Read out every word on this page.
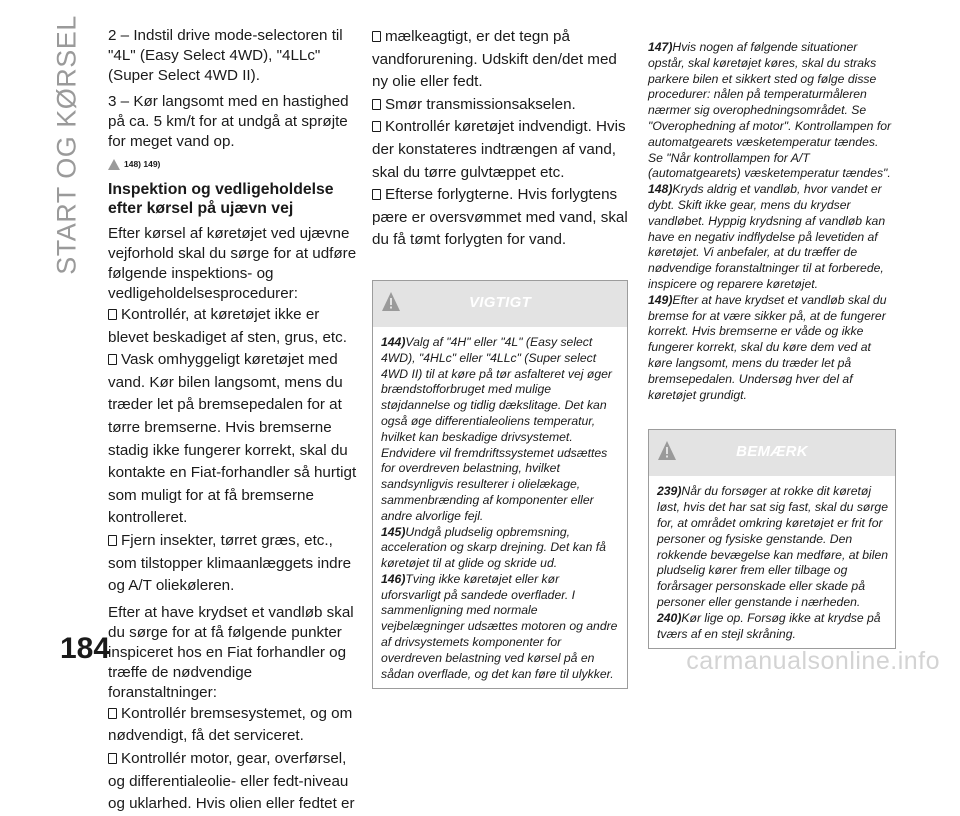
START OG KØRSEL 2 – Indstil drive mode-selectoren til "4L" (Easy Select 4WD), "4LLc" (Super Select 4WD II).

3 – Kør langsomt med en hastighed på ca. 5 km/t for at undgå at sprøjte for meget vand op.

148) 149)
Inspektion og vedligeholdelse efter kørsel på ujævn vej

Efter kørsel af køretøjet ved ujævne vejforhold skal du sørge for at udføre følgende inspektions- og vedligeholdelsesprocedurer:

Kontrollér, at køretøjet ikke er blevet beskadiget af sten, grus, etc.
Vask omhyggeligt køretøjet med vand. Kør bilen langsomt, mens du træder let på bremsepedalen for at tørre bremserne. Hvis bremserne stadig ikke fungerer korrekt, skal du kontakte en Fiat-forhandler så hurtigt som muligt for at få bremserne kontrolleret.
Fjern insekter, tørret græs, etc., som tilstopper klimaanlæggets indre og A/T oliekøleren.

Efter at have krydset et vandløb skal du sørge for at få følgende punkter inspiceret hos en Fiat forhandler og træffe de nødvendige foranstaltninger:

Kontrollér bremsesystemet, og om nødvendigt, få det serviceret.
Kontrollér motor, gear, overførsel, og differentialeolie- eller fedt-niveau og uklarhed. Hvis olien eller fedtet er
mælkeagtigt, er det tegn på vandforurening. Udskift den/det med ny olie eller fedt.
Smør transmissionsakselen.
Kontrollér køretøjet indvendigt. Hvis der konstateres indtrængen af vand, skal du tørre gulvtæppet etc.
Efterse forlygterne. Hvis forlygtens pære er oversvømmet med vand, skal du få tømt forlygten for vand.
VIGTIGT
144)Valg af "4H" eller "4L" (Easy select 4WD), "4HLc" eller "4LLc" (Super select 4WD II) til at køre på tør asfalteret vej øger brændstofforbruget med mulige støjdannelse og tidlig dækslitage. Det kan også øge differentialeoliens temperatur, hvilket kan beskadige drivsystemet. Endvidere vil fremdriftssystemet udsættes for overdreven belastning, hvilket sandsynligvis resulterer i olielækage, sammenbrænding af komponenter eller andre alvorlige fejl.
145)Undgå pludselig opbremsning, acceleration og skarp drejning. Det kan få køretøjet til at glide og skride ud.
146)Tving ikke køretøjet eller kør uforsvarligt på sandede overflader. I sammenligning med normale vejbelægninger udsættes motoren og andre af drivsystemets komponenter for overdreven belastning ved kørsel på en sådan overflade, og det kan føre til ulykker.
147)Hvis nogen af følgende situationer opstår, skal køretøjet køres, skal du straks parkere bilen et sikkert sted og følge disse procedurer: nålen på temperaturmåleren nærmer sig overophedningsområdet. Se "Overophedning af motor". Kontrollampen for automatgearets væsketemperatur tændes. Se "Når kontrollampen for A/T (automatgearets) væsketemperatur tændes".
148)Kryds aldrig et vandløb, hvor vandet er dybt. Skift ikke gear, mens du krydser vandløbet. Hyppig krydsning af vandløb kan have en negativ indflydelse på levetiden af køretøjet. Vi anbefaler, at du træffer de nødvendige foranstaltninger til at forberede, inspicere og reparere køretøjet.
149)Efter at have krydset et vandløb skal du bremse for at være sikker på, at de fungerer korrekt. Hvis bremserne er våde og ikke fungerer korrekt, skal du køre dem ved at køre langsomt, mens du træder let på bremsepedalen. Undersøg hver del af køretøjet grundigt.
BEMÆRK
239)Når du forsøger at rokke dit køretøj løst, hvis det har sat sig fast, skal du sørge for, at området omkring køretøjet er frit for personer og fysiske genstande. Den rokkende bevægelse kan medføre, at bilen pludselig kører frem eller tilbage og forårsager personskade eller skade på personer eller genstande i nærheden.
240)Kør lige op. Forsøg ikke at krydse på tværs af en stejl skråning.
184	carmanualsonline.info
